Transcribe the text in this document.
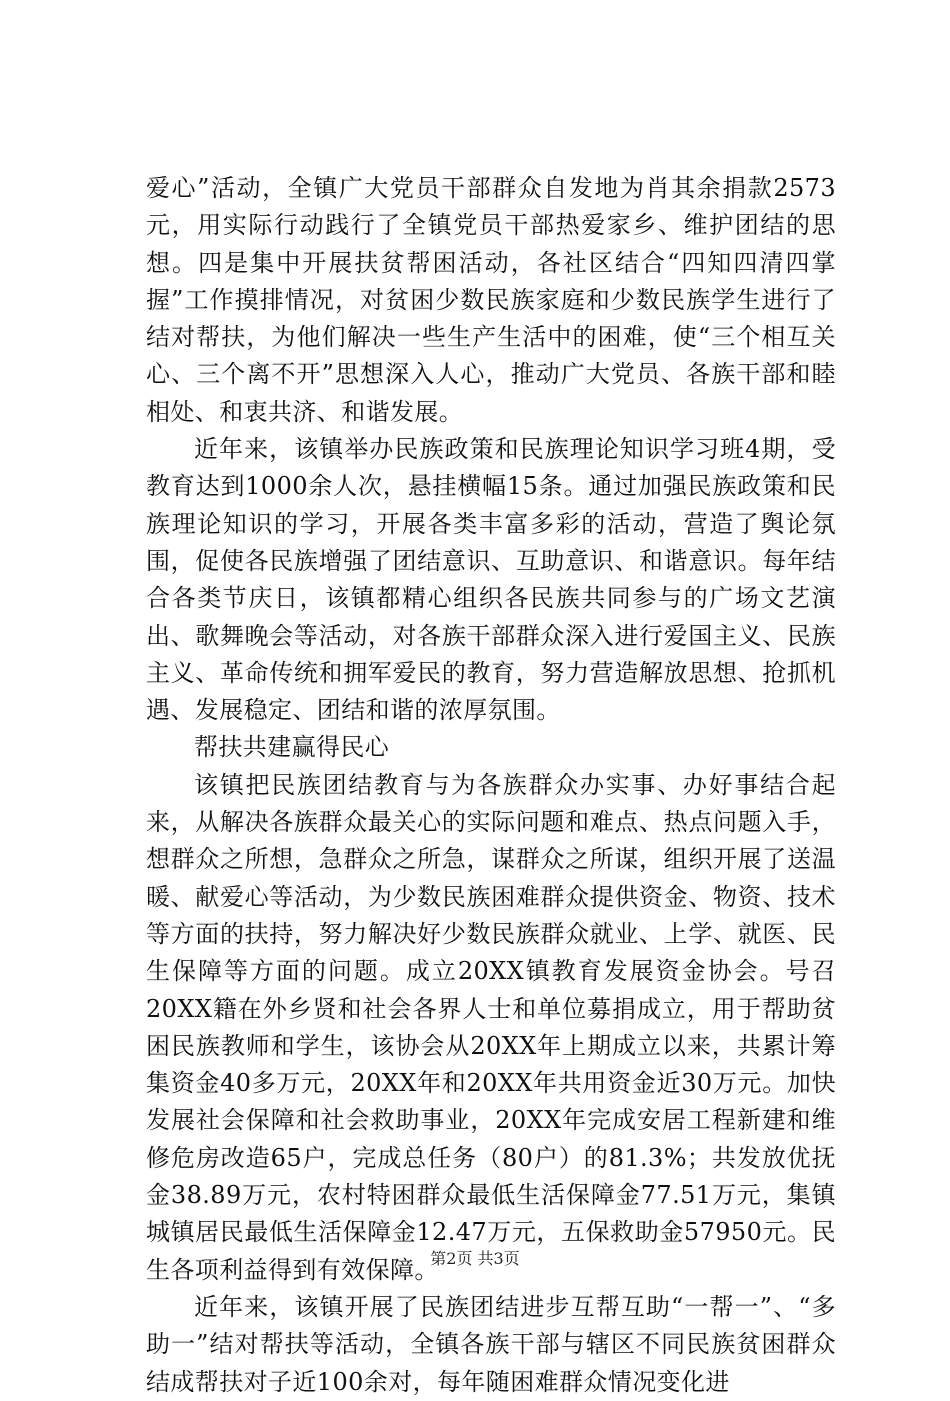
爱心”活动，全镇广大党员干部群众自发地为肖其余捐款2573元，用实际行动践行了全镇党员干部热爱家乡、维护团结的思想。四是集中开展扶贫帮困活动，各社区结合“四知四清四掌握”工作摸排情况，对贫困少数民族家庭和少数民族学生进行了结对帮扶，为他们解决一些生产生活中的困难，使“三个相互关心、三个离不开”思想深入人心，推动广大党员、各族干部和睦相处、和衷共济、和谐发展。

近年来，该镇举办民族政策和民族理论知识学习班4期，受教育达到1000余人次，悬挂横幅15条。通过加强民族政策和民族理论知识的学习，开展各类丰富多彩的活动，营造了舆论氛围，促使各民族增强了团结意识、互助意识、和谐意识。每年结合各类节庆日，该镇都精心组织各民族共同参与的广场文艺演出、歌舞晚会等活动，对各族干部群众深入进行爱国主义、民族主义、革命传统和拥军爱民的教育，努力营造解放思想、抢抓机遇、发展稳定、团结和谐的浓厚氛围。

帮扶共建赢得民心

该镇把民族团结教育与为各族群众办实事、办好事结合起来，从解决各族群众最关心的实际问题和难点、热点问题入手，想群众之所想，急群众之所急，谋群众之所谋，组织开展了送温暖、献爱心等活动，为少数民族困难群众提供资金、物资、技术等方面的扶持，努力解决好少数民族群众就业、上学、就医、民生保障等方面的问题。成立20XX镇教育发展资金协会。号召20XX籍在外乡贤和社会各界人士和单位募捐成立，用于帮助贫困民族教师和学生，该协会从20XX年上期成立以来，共累计筹集资金40多万元，20XX年和20XX年共用资金近30万元。加快发展社会保障和社会救助事业，20XX年完成安居工程新建和维修危房改造65户，完成总任务（80户）的81.3%；共发放优抚金38.89万元，农村特困群众最低生活保障金77.51万元，集镇城镇居民最低生活保障金12.47万元，五保救助金57950元。民生各项利益得到有效保障。

近年来，该镇开展了民族团结进步互帮互助“一帮一”、“多助一”结对帮扶等活动，全镇各族干部与辖区不同民族贫困群众结成帮扶对子近100余对，每年随困难群众情况变化进

第2页 共3页
